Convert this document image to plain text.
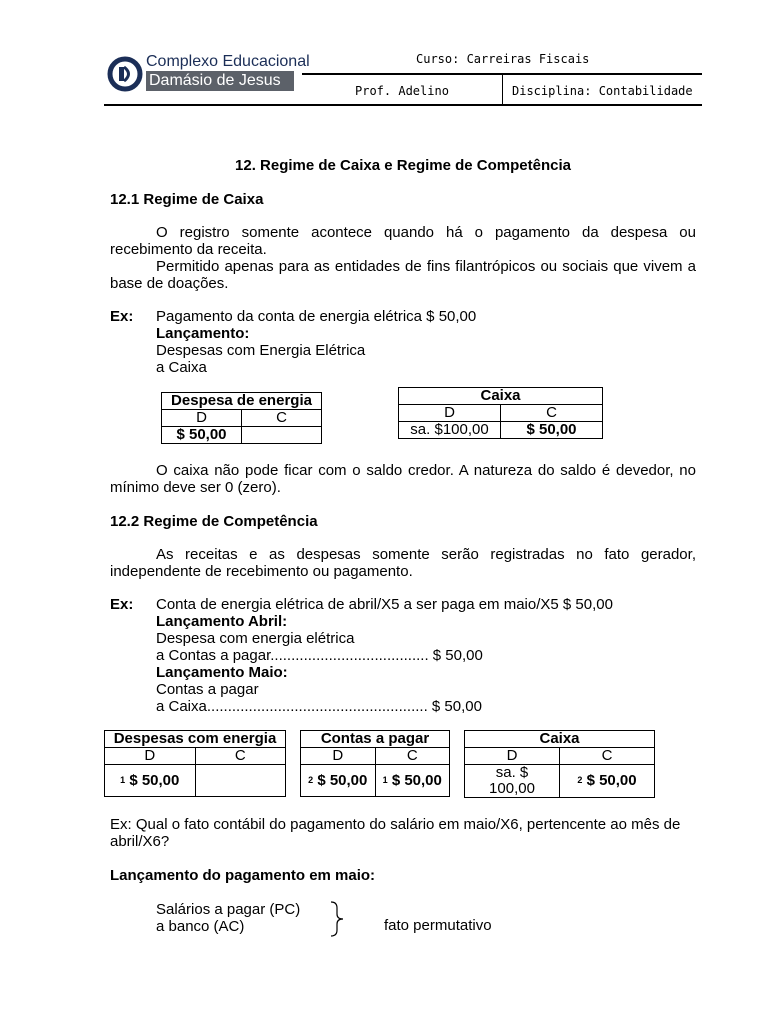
Complexo Educacional
Damásio de Jesus
Curso: Carreiras Fiscais
Prof. Adelino	Disciplina: Contabilidade
12. Regime de Caixa e Regime de Competência
12.1 Regime de Caixa
O registro somente acontece quando há o pagamento da despesa ou recebimento da receita.
Permitido apenas para as entidades de fins filantrópicos ou sociais que vivem a base de doações.
Ex: Pagamento da conta de energia elétrica $ 50,00
Lançamento:
Despesas com Energia Elétrica
a Caixa
Despesa de energia	
D	C
$ 50,00	
Caixa	
D	C
sa. $100,00	$ 50,00
O caixa não pode ficar com o saldo credor. A natureza do saldo é devedor, no mínimo deve ser 0 (zero).
12.2 Regime de Competência
As receitas e as despesas somente serão registradas no fato gerador, independente de recebimento ou pagamento.
Ex: Conta de energia elétrica de abril/X5 a ser paga em maio/X5 $ 50,00
Lançamento Abril:
Despesa com energia elétrica
a Contas a pagar...................................... $ 50,00
Lançamento Maio:
Contas a pagar
a Caixa..................................................... $ 50,00
Despesas com energia	
D	C
$^1$ $ 50,00	
Contas a pagar	
D	C
$^2$ $ 50,00	$^1$ $ 50,00
Caixa	
D	C

sa. $
100,00	$^2$ $ 50,00
Ex: Qual o fato contábil do pagamento do salário em maio/X6, pertencente ao mês de abril/X6?
Lançamento do pagamento em maio:
Salários a pagar (PC)
a banco (AC)	fato permutativo
